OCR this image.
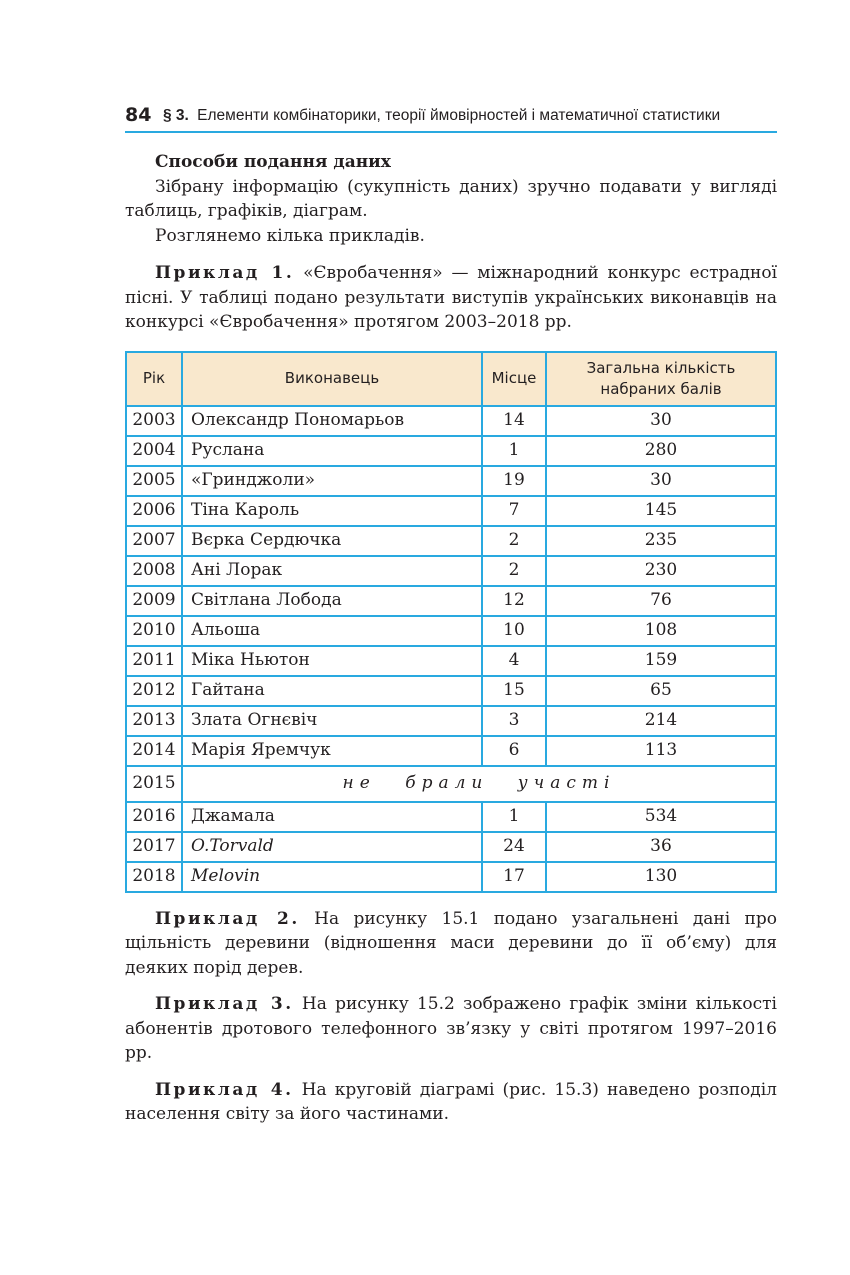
84 § 3. Елементи комбінаторики, теорії ймовірностей і математичної статистики
Способи подання даних

Зібрану інформацію (сукупність даних) зручно подавати у вигляді таблиць, графіків, діаграм.

Розглянемо кілька прикладів.

Приклад 1. «Євробачення» — міжнародний конкурс естрадної пісні. У таблиці подано результати виступів українських виконавців на конкурсі «Євробачення» протягом 2003–2018 рр.

Рік	Виконавець	Місце	Загальна кількість набраних балів
2003	Олександр Пономарьов	14	30
2004	Руслана	1	280
2005	«Гринджоли»	19	30
2006	Тіна Кароль	7	145
2007	Вєрка Сердючка	2	235
2008	Ані Лорак	2	230
2009	Світлана Лобода	12	76
2010	Альоша	10	108
2011	Міка Ньютон	4	159
2012	Гайтана	15	65
2013	Злата Огнєвіч	3	214
2014	Марія Яремчук	6	113
2015	не брали участі		
2016	Джамала	1	534
2017	O.Torvald	24	36
2018	Melovin	17	130

Приклад 2. На рисунку 15.1 подано узагальнені дані про щільність деревини (відношення маси деревини до її об’єму) для деяких порід дерев.

Приклад 3. На рисунку 15.2 зображено графік зміни кількості абонентів дротового телефонного зв’язку у світі протягом 1997–2016 рр.

Приклад 4. На круговій діаграмі (рис. 15.3) наведено розподіл населення світу за його частинами.
